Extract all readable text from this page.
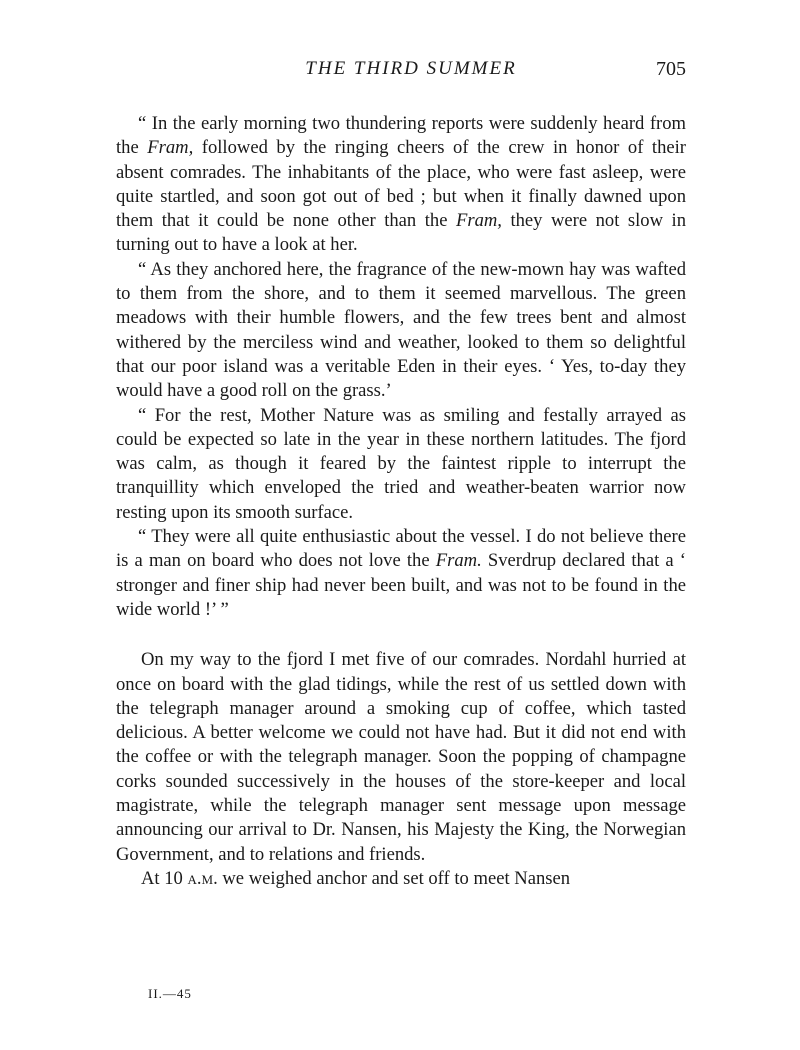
THE THIRD SUMMER	705

“ In the early morning two thundering reports were suddenly heard from the Fram, followed by the ringing cheers of the crew in honor of their absent comrades. The inhabitants of the place, who were fast asleep, were quite startled, and soon got out of bed ; but when it finally dawned upon them that it could be none other than the Fram, they were not slow in turning out to have a look at her.

“ As they anchored here, the fragrance of the new-mown hay was wafted to them from the shore, and to them it seemed marvellous. The green meadows with their humble flowers, and the few trees bent and almost withered by the merciless wind and weather, looked to them so delightful that our poor island was a veritable Eden in their eyes. ‘ Yes, to-day they would have a good roll on the grass.’

“ For the rest, Mother Nature was as smiling and festally arrayed as could be expected so late in the year in these northern latitudes. The fjord was calm, as though it feared by the faintest ripple to interrupt the tranquillity which enveloped the tried and weather-beaten warrior now resting upon its smooth surface.

“ They were all quite enthusiastic about the vessel. I do not believe there is a man on board who does not love the Fram. Sverdrup declared that a ‘ stronger and finer ship had never been built, and was not to be found in the wide world !’ ”

On my way to the fjord I met five of our comrades. Nordahl hurried at once on board with the glad tidings, while the rest of us settled down with the telegraph manager around a smoking cup of coffee, which tasted delicious. A better welcome we could not have had. But it did not end with the coffee or with the telegraph manager. Soon the popping of champagne corks sounded successively in the houses of the store-keeper and local magistrate, while the telegraph manager sent message upon message announcing our arrival to Dr. Nansen, his Majesty the King, the Norwegian Government, and to relations and friends.

At 10 a.m. we weighed anchor and set off to meet Nansen

II.—45
